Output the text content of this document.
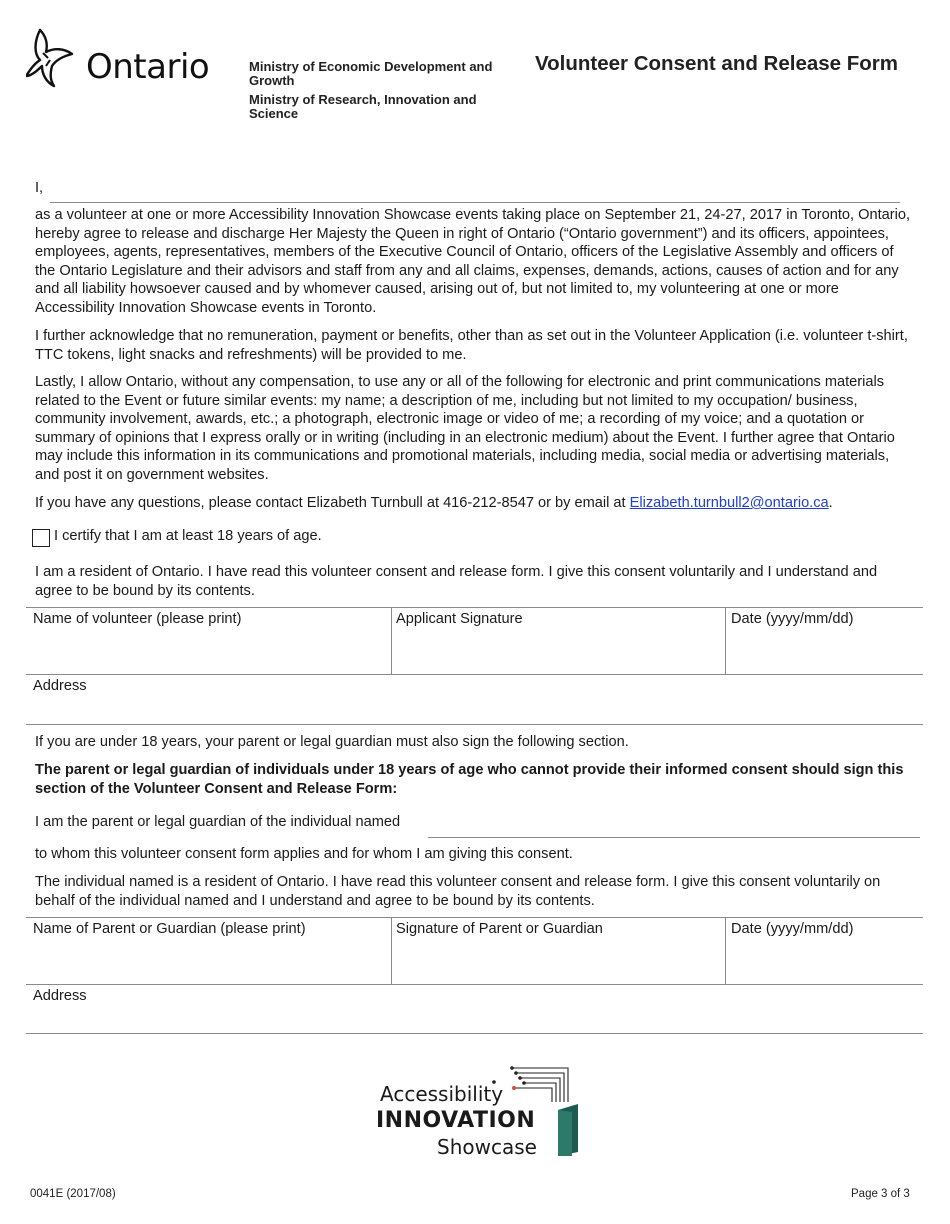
Ontario	Ministry of Economic Development and Growth
Ministry of Research, Innovation and Science
Volunteer Consent and Release Form
I,
as a volunteer at one or more Accessibility Innovation Showcase events taking place on September 21, 24-27, 2017 in Toronto, Ontario, hereby agree to release and discharge Her Majesty the Queen in right of Ontario (“Ontario government”) and its officers, appointees, employees, agents, representatives, members of the Executive Council of Ontario, officers of the Legislative Assembly and officers of the Ontario Legislature and their advisors and staff from any and all claims, expenses, demands, actions, causes of action and for any and all liability howsoever caused and by whomever caused, arising out of, but not limited to, my volunteering at one or more Accessibility Innovation Showcase events in Toronto.
I further acknowledge that no remuneration, payment or benefits, other than as set out in the Volunteer Application (i.e. volunteer t-shirt, TTC tokens, light snacks and refreshments) will be provided to me.
Lastly, I allow Ontario, without any compensation, to use any or all of the following for electronic and print communications materials related to the Event or future similar events: my name; a description of me, including but not limited to my occupation/ business, community involvement, awards, etc.; a photograph, electronic image or video of me; a recording of my voice; and a quotation or summary of opinions that I express orally or in writing (including in an electronic medium) about the Event. I further agree that Ontario may include this information in its communications and promotional materials, including media, social media or advertising materials, and post it on government websites.
If you have any questions, please contact Elizabeth Turnbull at 416-212-8547 or by email at Elizabeth.turnbull2@ontario.ca.
I certify that I am at least 18 years of age.
I am a resident of Ontario. I have read this volunteer consent and release form. I give this consent voluntarily and I understand and agree to be bound by its contents.
Name of volunteer (please print)	Applicant Signature	Date (yyyy/mm/dd)
Address
If you are under 18 years, your parent or legal guardian must also sign the following section.
The parent or legal guardian of individuals under 18 years of age who cannot provide their informed consent should sign this section of the Volunteer Consent and Release Form:
I am the parent or legal guardian of the individual named
to whom this volunteer consent form applies and for whom I am giving this consent.
The individual named is a resident of Ontario. I have read this volunteer consent and release form. I give this consent voluntarily on behalf of the individual named and I understand and agree to be bound by its contents.
Name of Parent or Guardian (please print)	Signature of Parent or Guardian	Date (yyyy/mm/dd)
Address
Accessibility
INNOVATION
Showcase
0041E (2017/08)	Page 3 of 3
